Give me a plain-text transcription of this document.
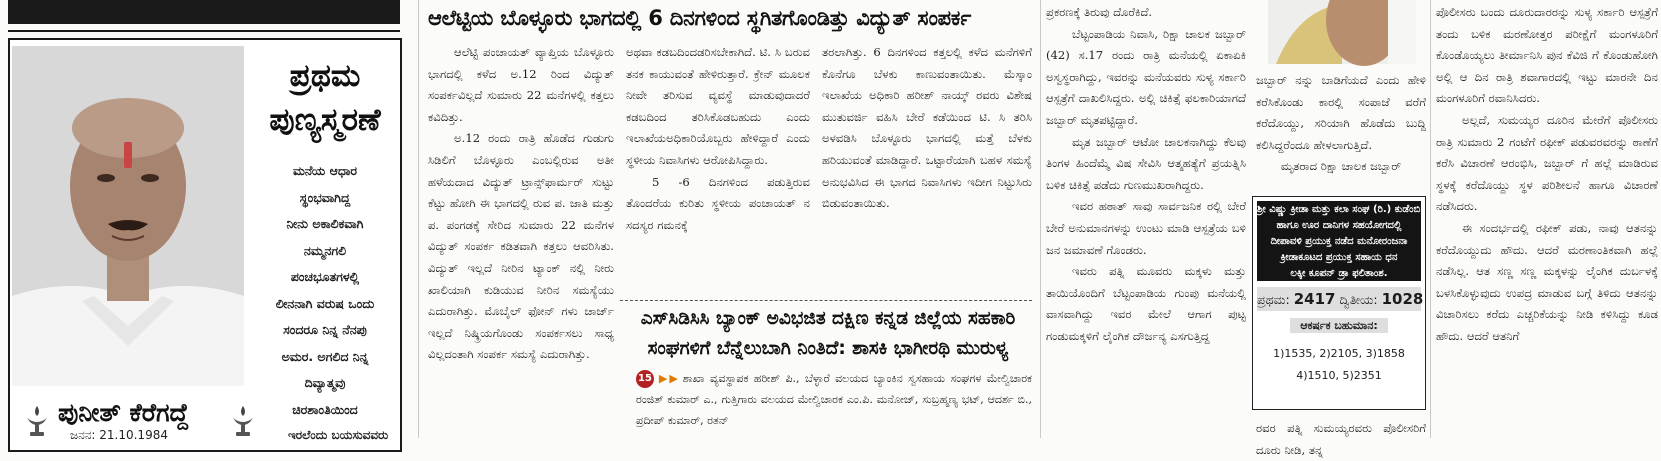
ಪ್ರಥಮ
ಪುಣ್ಯಸ್ಮರಣೆ
ಮನೆಯ ಆಧಾರ
ಸ್ಥಂಭವಾಗಿದ್ದ
ನೀನು ಅಕಾಲಿಕವಾಗಿ
ನಮ್ಮನಗಲಿ
ಪಂಚಭೂತಗಳಲ್ಲಿ
ಲೀನನಾಗಿ ವರುಷ ಒಂದು
ಸಂದರೂ ನಿನ್ನ ನೆನಪು
ಅಮರ. ಅಗಲಿದ ನಿನ್ನ
ದಿವ್ಯಾತ್ಮವು
ಚಿರಶಾಂತಿಯಿಂದ
ಪುನೀತ್ ಕೆರೆಗದ್ದೆ
ಜನನ: 21.10.1984	ಇರಲೆಂದು ಬಯಸುವವರು
ಆಲೆಟ್ಟಿಯ ಬೊಳ್ಳೂರು ಭಾಗದಲ್ಲಿ 6 ದಿನಗಳಿಂದ ಸ್ಥಗಿತಗೊಂಡಿತ್ತು ವಿದ್ಯುತ್ ಸಂಪರ್ಕ

ಆಲೆಟ್ಟಿ ಪಂಚಾಯತ್ ವ್ಯಾಪ್ತಿಯ ಬೊಳ್ಳೂರು ಭಾಗದಲ್ಲಿ ಕಳೆದ ಅ.12 ರಿಂದ ವಿದ್ಯುತ್ ಸಂಪರ್ಕವಿಲ್ಲದೆ ಸುಮಾರು 22 ಮನೆಗಳಲ್ಲಿ ಕತ್ತಲು ಕವಿದಿತ್ತು.

ಅ.12 ರಂದು ರಾತ್ರಿ ಹೊಡೆದ ಗುಡುಗು ಸಿಡಿಲಿಗೆ ಬೊಳ್ಳೂರು ಎಂಬಲ್ಲಿರುವ ಅತೀ ಹಳೆಯದಾದ ವಿದ್ಯುತ್ ಟ್ರಾನ್ಸ್‌ಫಾರ್ಮರ್ ಸುಟ್ಟು ಕೆಟ್ಟು ಹೋಗಿ ಈ ಭಾಗದಲ್ಲಿ ರುವ ಪ. ಜಾತಿ ಮತ್ತು ಪ. ಪಂಗಡಕ್ಕೆ ಸೇರಿದ ಸುಮಾರು 22 ಮನೆಗಳ ವಿದ್ಯುತ್ ಸಂಪರ್ಕ ಕಡಿತವಾಗಿ ಕತ್ತಲು ಆವರಿಸಿತು. ವಿದ್ಯುತ್ ಇಲ್ಲದೆ ನೀರಿನ ಟ್ಯಾಂಕ್ ನಲ್ಲಿ ನೀರು ಖಾಲಿಯಾಗಿ ಕುಡಿಯುವ ನೀರಿನ ಸಮಸ್ಯೆಯು ಎದುರಾಗಿತ್ತು. ಮೊಬೈಲ್ ಫೋನ್ ಗಳು ಚಾರ್ಜ್ ಇಲ್ಲದೆ ನಿಷ್ಕ್ರಿಯಗೊಂಡು ಸಂಪರ್ಕಸಲು ಸಾಧ್ಯ ವಿಲ್ಲದಂತಾಗಿ ಸಂಪರ್ಕ ಸಮಸ್ಯೆ ಎದುರಾಗಿತ್ತು.

ಅಥವಾ ಕಡಬದಿಂದಡರಿಸಬೇಕಾಗಿದೆ. ಟಿ. ಸಿ ಬರುವ ತನಕ ಕಾಯುವಂತೆ ಹೇಳಿರುತ್ತಾರೆ. ಕ್ರೇನ್ ಮೂಲಕ ನೀವೇ ತರಿಸುವ ವ್ಯವಸ್ಥೆ ಮಾಡುವುದಾದರೆ ಕಡಬದಿಂದ ತರಿಸಿಕೊಡಬಹುದು ಎಂದು ಇಲಾಖೆಯಅಧಿಕಾರಿಯೊಬ್ಬರು ಹೇಳಿದ್ದಾರೆ ಎಂದು ಸ್ಥಳೀಯ ನಿವಾಸಿಗಳು ಆರೋಪಿಸಿದ್ದಾರು.

5 -6 ದಿನಗಳಿಂದ ಪಡುತ್ತಿರುವ ತೊಂದರೆಯ ಕುರಿತು ಸ್ಥಳೀಯ ಪಂಚಾಯತ್ ನ ಸದಸ್ಯರ ಗಮನಕ್ಕೆ

ತರಲಾಗಿತ್ತು. 6 ದಿನಗಳಿಂದ ಕತ್ತಲಲ್ಲಿ ಕಳೆದ ಮನೆಗಳಿಗೆ ಕೊನೆಗೂ ಬೆಳಕು ಕಾಣುವಂತಾಯಿತು. ಮೆಸ್ಕಾಂ ಇಲಾಖೆಯ ಅಧಿಕಾರಿ ಹರೀಶ್ ನಾಯ್ಕ್ ರವರು ವಿಶೇಷ ಮುತುವರ್ಜಿ ವಹಿಸಿ ಬೇರೆ ಕಡೆಯಿಂದ ಟಿ. ಸಿ ತರಿಸಿ ಅಳವಡಿಸಿ ಬೊಳ್ಳೂರು ಭಾಗದಲ್ಲಿ ಮತ್ತೆ ಬೆಳಕು ಹರಿಯುವಂತೆ ಮಾಡಿದ್ದಾರೆ. ಒಟ್ಟಾರೆಯಾಗಿ ಬಹಳ ಸಮಸ್ಯೆ ಅನುಭವಿಸಿದ ಈ ಭಾಗದ ನಿವಾಸಿಗಳು ಇದೀಗ ನಿಟ್ಟುಸಿರು ಬಿಡುವಂತಾಯಿತು.

ಎಸ್‌ಸಿಡಿಸಿಸಿ ಬ್ಯಾಂಕ್ ಅವಿಭಜಿತ ದಕ್ಷಿಣ ಕನ್ನಡ ಜಿಲ್ಲೆಯ ಸಹಕಾರಿ
ಸಂಘಗಳಿಗೆ ಬೆನ್ನೆಲುಬಾಗಿ ನಿಂತಿದೆ: ಶಾಸಕಿ ಭಾಗೀರಥಿ ಮುರುಳ್ಯ
15 ▶▶ ಶಾಖಾ ವ್ಯವಸ್ಥಾಪಕ ಹರೀಶ್ ಪಿ., ಬೆಳ್ಳಾರೆ ವಲಯದ ಬ್ಯಾಂಕಿನ ಸ್ವಸಹಾಯ ಸಂಘಗಳ ಮೇಲ್ವಿಚಾರಕ ರಂಜಿತ್ ಕುಮಾರ್ ಎ., ಗುತ್ತಿಗಾರು ವಲಯದ ಮೇಲ್ವಿಚಾರಕ ಎಂ.ಪಿ. ಮನೋಜ್, ಸುಬ್ರಹ್ಮಣ್ಯ ಭಟ್, ಆದರ್ಶ ಬಿ., ಪ್ರದೀಪ್ ಕುಮಾರ್, ರತನ್

ಪ್ರಕರಣಕ್ಕೆ ತಿರುವು ದೊರೆಕಿದೆ.

ಬೆಟ್ಟಂಪಾಡಿಯ ನಿವಾಸಿ, ರಿಕ್ಷಾ ಚಾಲಕ ಜಬ್ಬಾರ್ (42) ಸ.17 ರಂದು ರಾತ್ರಿ ಮನೆಯಲ್ಲಿ ಏಕಾಏಕಿ ಅಸ್ವಸ್ಥರಾಗಿದ್ದು, ಇವರನ್ನು ಮನೆಯವರು ಸುಳ್ಯ ಸರ್ಕಾರಿ ಆಸ್ಪತ್ರೆಗೆ ದಾಖಲಿಸಿದ್ದರು. ಅಲ್ಲಿ ಚಿಕಿತ್ಸೆ ಫಲಕಾರಿಯಾಗದೆ ಜಬ್ಬಾರ್ ಮೃತಪಟ್ಟಿದ್ದಾರೆ.

ಮೃತ ಜಬ್ಬಾರ್ ಆಟೋ ಚಾಲಕನಾಗಿದ್ದು ಕೆಲವು ತಿಂಗಳ ಹಿಂದೆಮ್ಮೆ ವಿಷ ಸೇವಿಸಿ ಆತ್ಮಹತ್ಯೆಗೆ ಪ್ರಯತ್ನಿಸಿ ಬಳಿಕ ಚಿಕಿತ್ಸೆ ಪಡೆದು ಗುಣಮುಖರಾಗಿದ್ದರು.

ಇವರ ಹಠಾತ್ ಸಾವು ಸಾರ್ವಜನಿಕ ರಲ್ಲಿ ಬೇರೆ ಬೇರೆ ಅನುಮಾನಗಳನ್ನು ಉಂಟು ಮಾಡಿ ಆಸ್ಪತ್ರೆಯ ಬಳಿ ಜನ ಜಮಾವಣೆ ಗೊಂಡರು.

ಇವರು ಪತ್ನಿ ಮೂವರು ಮಕ್ಕಳು ಮತ್ತು ತಾಯಿಯೊಂದಿಗೆ ಬೆಟ್ಟಂಪಾಡಿಯ ಗುಂಪು ಮನೆಯಲ್ಲಿ ವಾಸವಾಗಿದ್ದು ಇವರ ಮೇಲೆ ಆಗಾಗ ಪುಟ್ಟ ಗಂಡುಮಕ್ಕಳಿಗೆ ಲೈಂಗಿಕ ದೌರ್ಜನ್ಯ ಎಸಗುತ್ತಿದ್ದ

ಜಬ್ಬಾರ್ ನನ್ನು ಬಾಡಿಗೆಯದೆ ಎಂದು ಹೇಳಿ ಕರೆಸಿಕೊಂಡು ಕಾರಲ್ಲಿ ಸಂಪಾಜೆ ವರೆಗೆ ಕರೆದೊಯ್ದು, ಸರಿಯಾಗಿ ಹೊಡೆದು ಬುದ್ದಿ ಕಲಿಸಿದ್ದರೆಂದೂ ಹೇಳಲಾಗುತ್ತಿದೆ.

ಮೃತರಾದ ರಿಕ್ಷಾ ಚಾಲಕ ಜಬ್ಬಾರ್

ಶ್ರೀ ವಿಷ್ಣು ಕ್ರೀಡಾ ಮತ್ತು ಕಲಾ ಸಂಘ (ರಿ.) ಕುಡೆಂಬಿ,
ಹಾಗೂ ಊರ ದಾನಿಗಳ ಸಹಯೋಗದಲ್ಲಿ
ದೀಪಾವಳಿ ಪ್ರಯುಕ್ತ ನಡೆದ ಮನೋರಂಜನಾ
ಕ್ರೀಡಾಕೂಟದ ಪ್ರಯುಕ್ತ ಸಹಾಯ ಧನ
ಲಕ್ಕೀ ಕೂಪನ್ ಡ್ರಾ ಫಲಿತಾಂಶ.
ಪ್ರಥಮ: 2417 ದ್ವಿತೀಯ: 1028
ಆಕರ್ಷಕ ಬಹುಮಾನ:
1)1535, 2)2105, 3)1858
4)1510, 5)2351

ರವರ ಪತ್ನಿ ಸುಮಯ್ಯರವರು ಪೊಲೀಸರಿಗೆ ದೂರು ನೀಡಿ, ತನ್ನ

ಪೊಲೀಸರು ಬಂದು ದೂರುದಾರರನ್ನು ಸುಳ್ಯ ಸರ್ಕಾರಿ ಆಸ್ಪತ್ರೆಗೆ ತಂದು ಬಳಿಕ ಮರಣೋತ್ತರ ಪರೀಕ್ಷೆಗೆ ಮಂಗಳೂರಿಗೆ ಕೊಂಡೊಯ್ಯಲು ತೀರ್ಮಾನಿಸಿ ಪುನ ಕೆವಿಜಿ ಗೆ ಕೊಂಡುಹೋಗಿ ಅಲ್ಲಿ ಆ ದಿನ ರಾತ್ರಿ ಶವಾಗಾರದಲ್ಲಿ ಇಟ್ಟು ಮಾರನೇ ದಿನ ಮಂಗಳೂರಿಗೆ ರವಾನಿಸಿದರು.

ಅಲ್ಲದೆ, ಸುಮಯ್ಯರ ದೂರಿನ ಮೇರೆಗೆ ಪೊಲೀಸರು ರಾತ್ರಿ ಸುಮಾರು 2 ಗಂಟೆಗೆ ರಫೀಕ್ ಪಡುವರವರನ್ನು ಠಾಣೆಗೆ ಕರೆಸಿ ವಿಚಾರಣೆ ಆರಂಭಿಸಿ, ಜಬ್ಬಾರ್ ಗೆ ಹಲ್ಲೆ ಮಾಡಿರುವ ಸ್ಥಳಕ್ಕೆ ಕರೆದೊಯ್ದು ಸ್ಥಳ ಪರಿಶೀಲನೆ ಹಾಗೂ ವಿಚಾರಣೆ ನಡೆಸಿದರು.

ಈ ಸಂದರ್ಭದಲ್ಲಿ ರಫೀಕ್ ಪಡು, ನಾವು ಆತನನ್ನು ಕರೆದೊಯ್ದುದು ಹೌದು. ಆದರೆ ಮರಣಾಂತಿಕವಾಗಿ ಹಲ್ಲೆ ನಡೆಸಿಲ್ಲ. ಆತ ಸಣ್ಣ ಸಣ್ಣ ಮಕ್ಕಳನ್ನು ಲೈಂಗಿಕ ದುರ್ಬಳಕ್ಕೆ ಬಳಸಿಕೊಳ್ಳುವುದು ಉಪದ್ರ ಮಾಡುವ ಬಗ್ಗೆ ತಿಳಿದು ಆತನನ್ನು ವಿಚಾರಿಸಲು ಕರೆದು ಎಚ್ಚರಿಕೆಯನ್ನು ನೀಡಿ ಕಳಿಸಿದ್ದು ಕೂಡ ಹೌದು. ಆದರೆ ಆತನಿಗೆ
